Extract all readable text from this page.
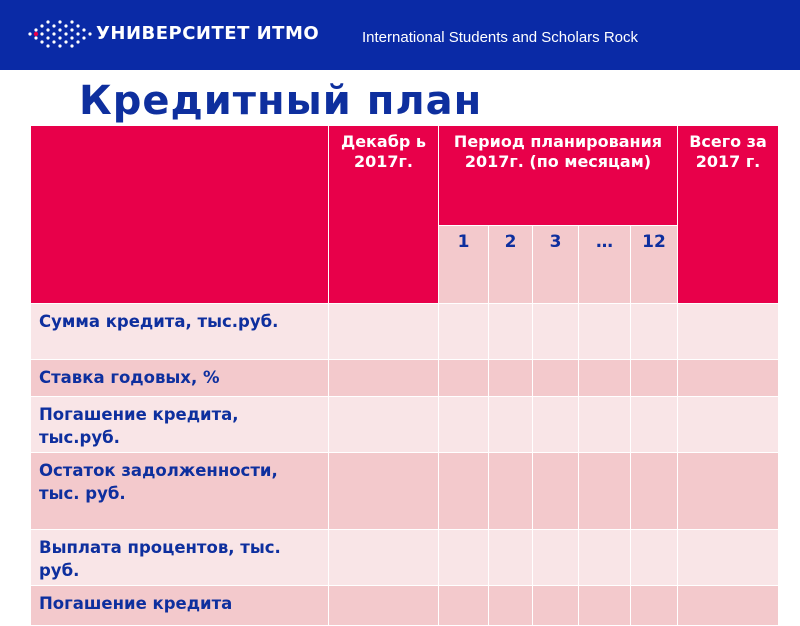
УНИВЕРСИТЕТ ИТМО	International Students and Scholars Rock
Кредитный план
	Декабр ь 2017г.	Период планирования 2017г. (по месяцам)					Всего за 2017 г.
		1	2	3	…	12	
Сумма кредита, тыс.руб.							
Ставка годовых, %							
Погашение кредита, тыс.руб.							
Остаток задолженности, тыс. руб.							
Выплата процентов, тыс. руб.							
Погашение кредита							
